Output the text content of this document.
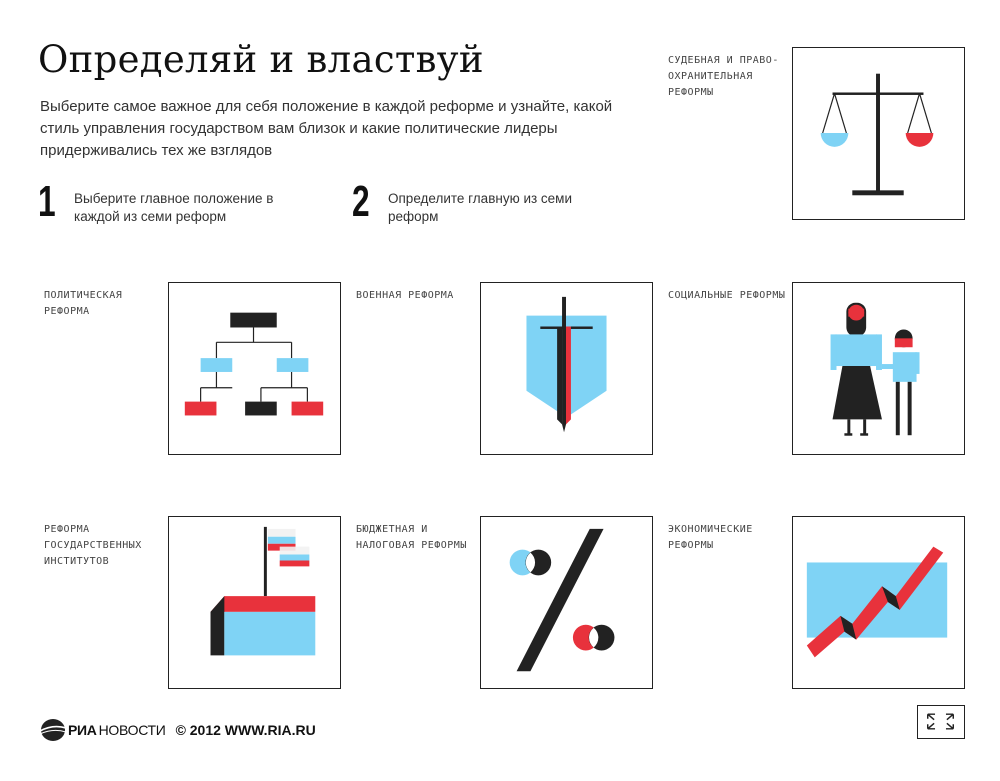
Определяй и властвуй

Выберите самое важное для себя положение в каждой реформе и узнайте, какой стиль управления государством вам близок и какие политические лидеры придерживались тех же взглядов

1 Выберите главное положение в каждой из семи реформ	2 Определите главную из семи реформ
СУДЕБНАЯ И ПРАВО-ОХРАНИТЕЛЬНАЯ РЕФОРМЫ
ПОЛИТИЧЕСКАЯ РЕФОРМА
ВОЕННАЯ РЕФОРМА	СОЦИАЛЬНЫЕ РЕФОРМЫ
РЕФОРМА ГОСУДАРСТВЕННЫХ ИНСТИТУТОВ
БЮДЖЕТНАЯ И НАЛОГОВАЯ РЕФОРМЫ
ЭКОНОМИЧЕСКИЕ РЕФОРМЫ
РИА НОВОСТИ © 2012 WWW.RIA.RU
